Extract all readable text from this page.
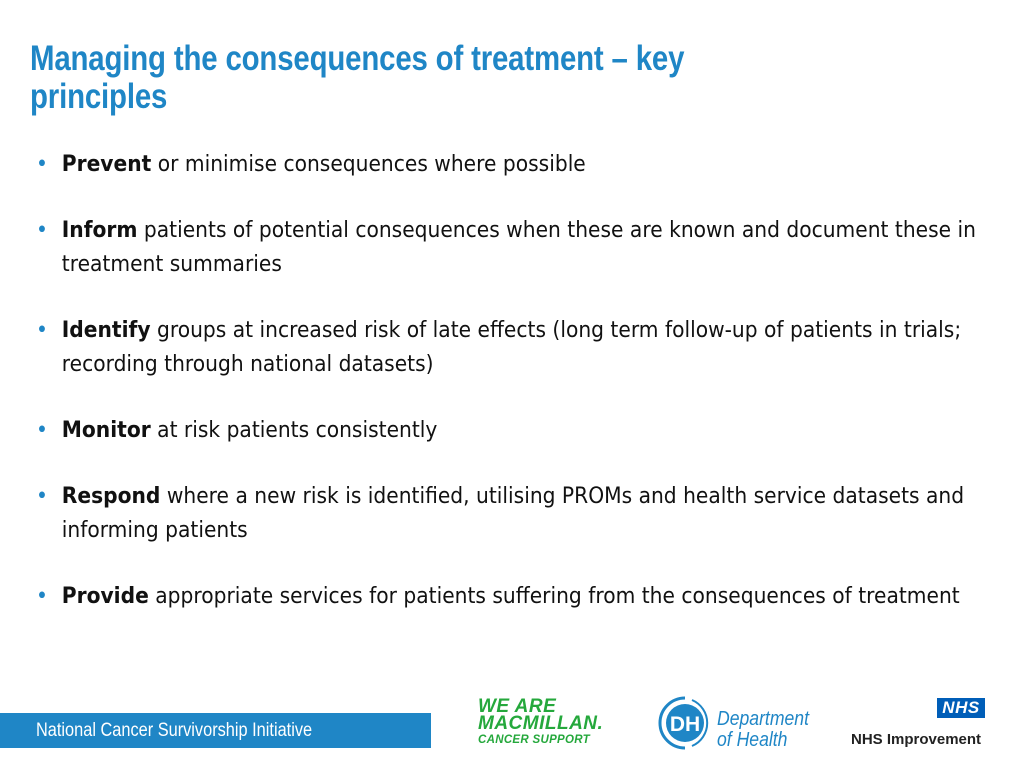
Managing the consequences of treatment – key principles
• Prevent or minimise consequences where possible
• Inform patients of potential consequences when these are known and document these in treatment summaries
• Identify groups at increased risk of late effects (long term follow-up of patients in trials; recording through national datasets)
• Monitor at risk patients consistently
• Respond where a new risk is identified, utilising PROMs and health service datasets and informing patients
• Provide appropriate services for patients suffering from the consequences of treatment

National Cancer Survivorship Initiative

WE ARE
MACMILLAN.
CANCER SUPPORT
DH Department
of Health
NHS

NHS Improvement
